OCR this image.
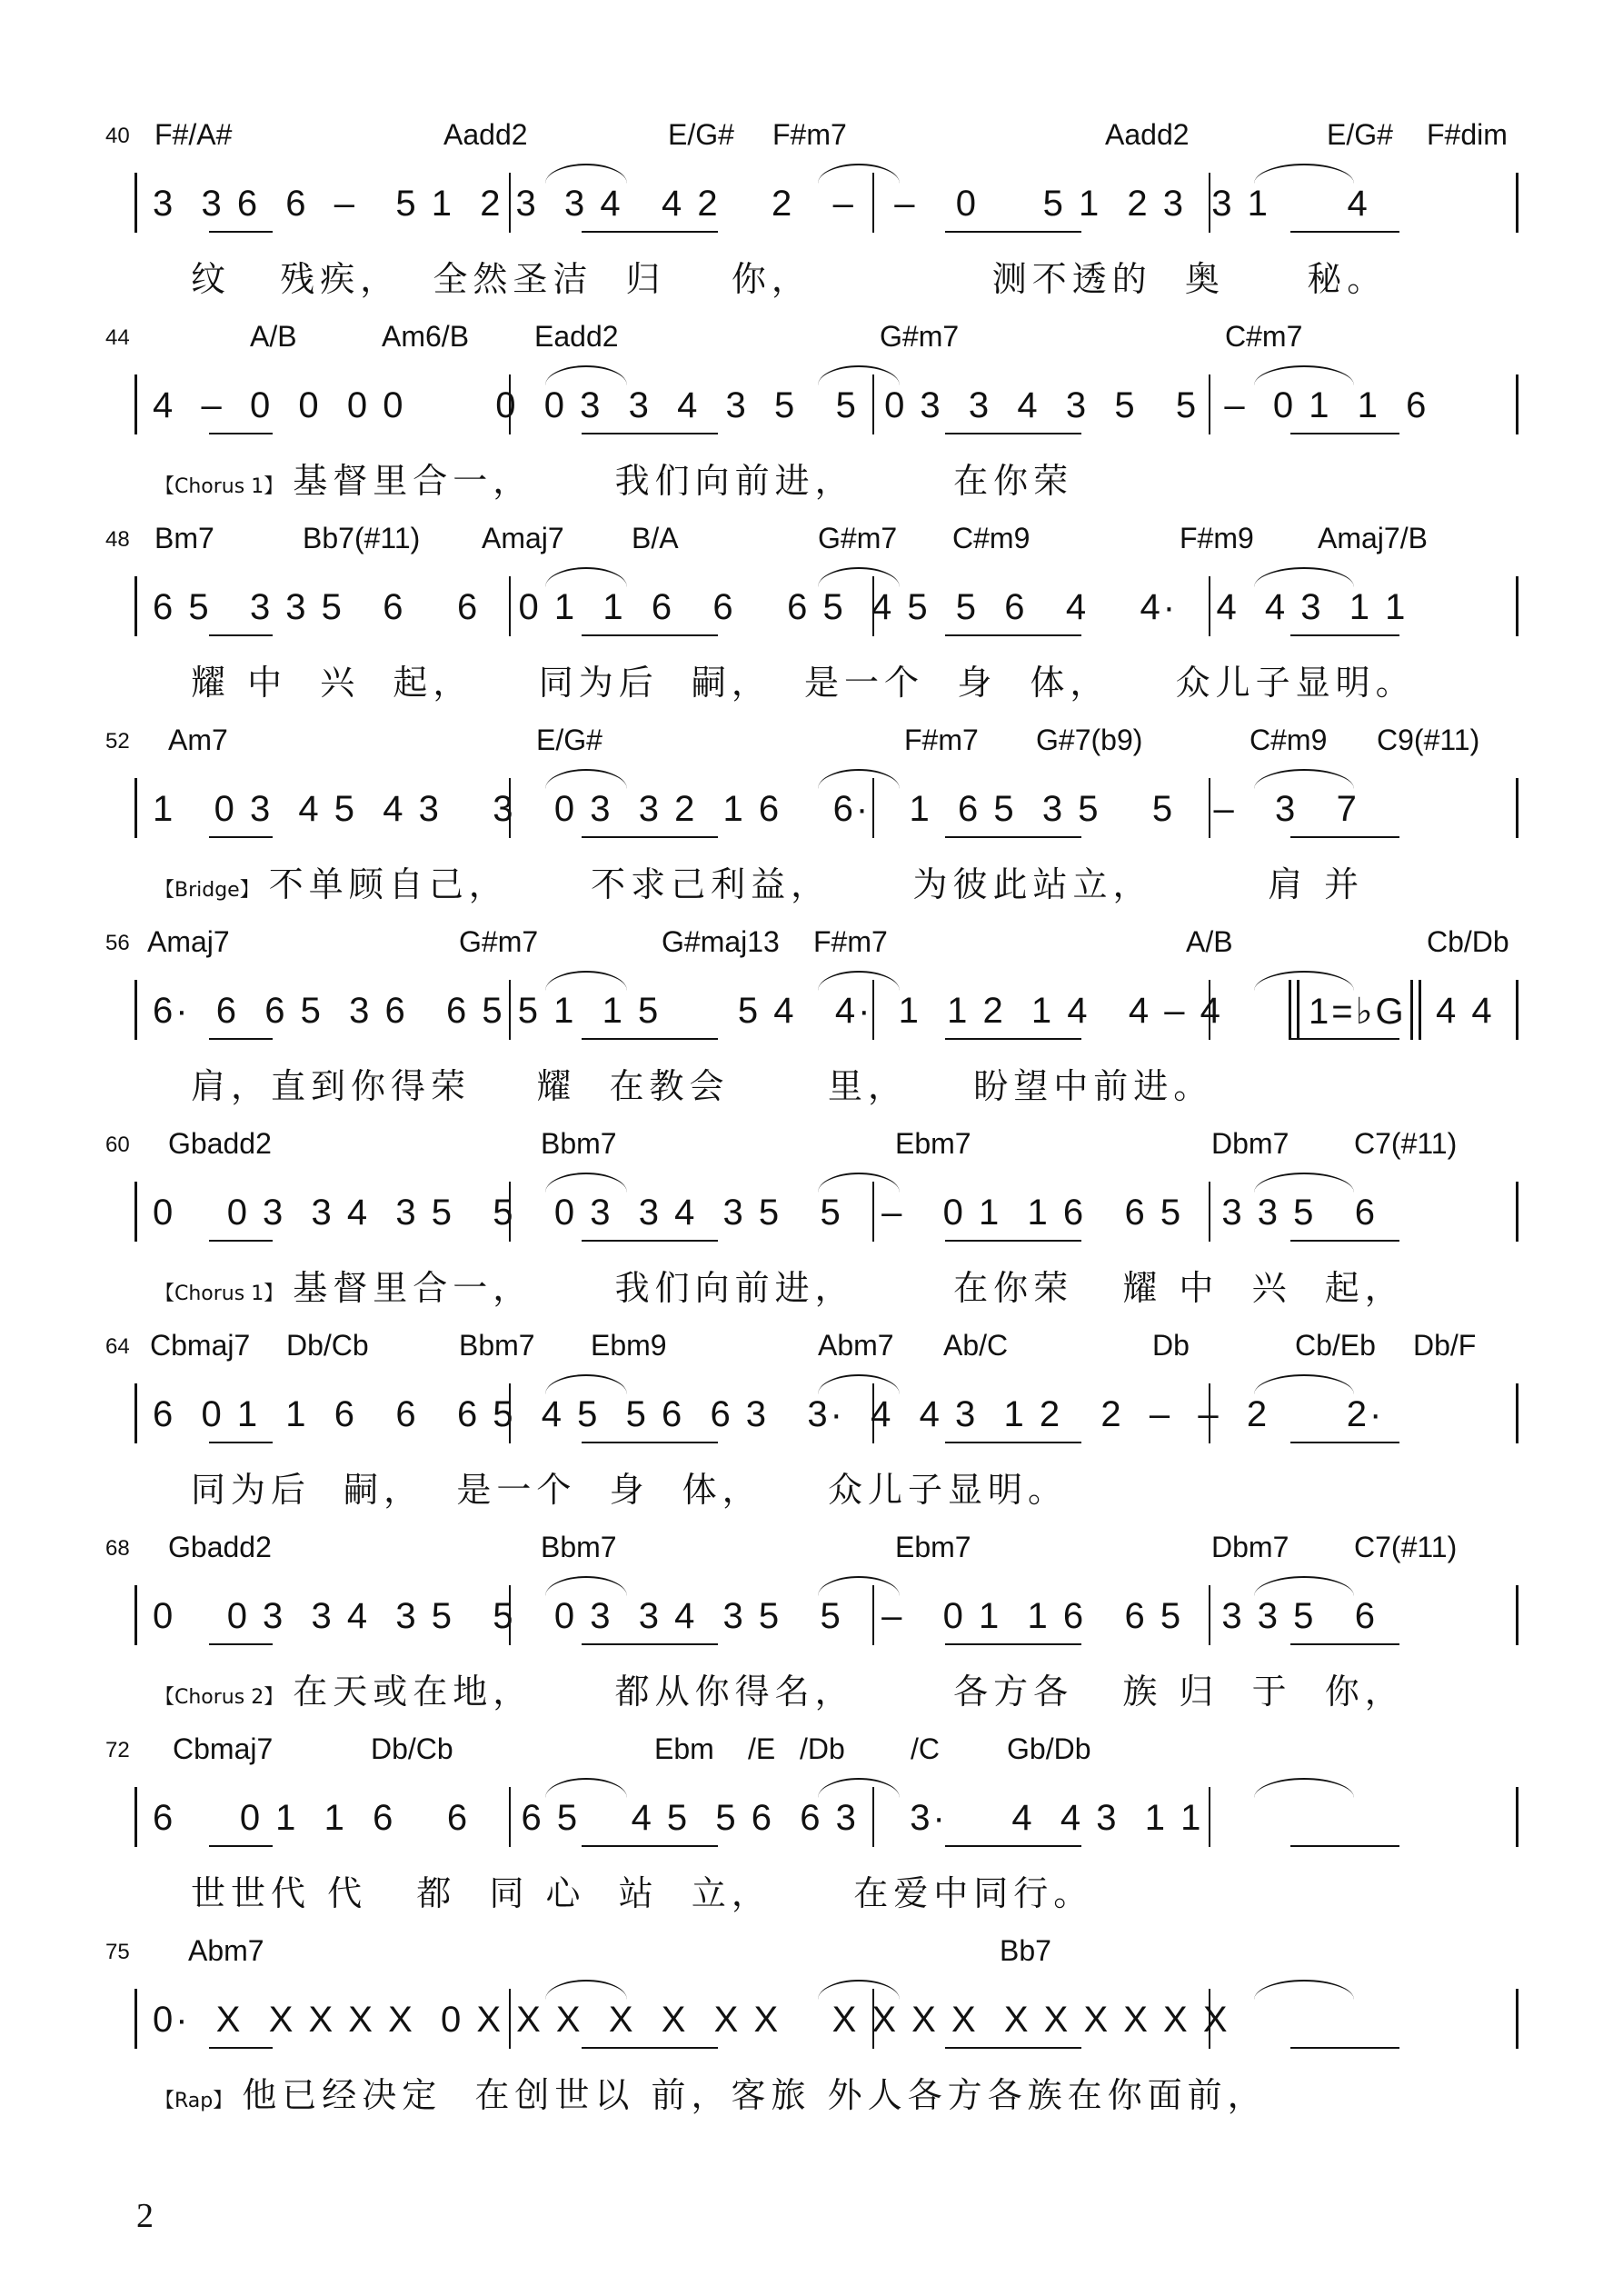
40 F#/A#	Aadd2	E/G# F#m7	Aadd2	E/G# F#dim
3  3 6  6  –   5 1  2 3  3 4   4 2    2   –   –   0     5 1  2 3  3 1      4
纹   残疾，  全然圣洁  归    你，           测不透的  奥     秘。
44	A/B	Am6/B Eadd2	G#m7	C#m7
4  –  0  0  0 0       0  0 3  3  4  3  5   5  0 3  3  4  3  5   5  –  0 1  1  6
【Chorus 1】 基督里合一，     我们向前进，      在你荣
48 Bm7	Bb7(#11) Amaj7 B/A	G#m7 C#m9	F#m9 Amaj7/B
6 5   3 3 5   6    6   0 1  1  6   6    6 5  4 5  5  6   4    4·   4  4 3  1 1
耀 中  兴  起，    同为后  嗣，  是一个  身  体，    众儿子显明。
52 Am7	E/G#	F#m7 G#7(b9)	C#m9 C9(#11)
1   0 3  4 5  4 3    3   0 3  3 2  1 6    6·   1  6 5  3 5    5   –   3   7
【Bridge】 不单顾自己，     不求己利益，     为彼此站立，       肩 并
56 Amaj7	G#m7	G#maj13 F#m7	A/B	Cb/Db
6·  6  6 5  3 6   6 5 5 1  1 5      5 4   4·  1  1 2  1 4   4 – 4 1=♭G 4 4
肩，直到你得荣    耀  在教会      里，    盼望中前进。
60 Gbadd2	Bbm7	Ebm7	Dbm7 C7(#11)
0    0 3  3 4  3 5   5   0 3  3 4  3 5   5   –   0 1  1 6   6 5   3 3 5   6
【Chorus 1】 基督里合一，     我们向前进，      在你荣   耀 中  兴  起，
64 Cbmaj7 Db/Cb	Bbm7 Ebm9	Abm7 Ab/C	Db	Cb/Eb Db/F
6  0 1  1  6   6   6 5  4 5  5 6  6 3   3·  4  4 3  1 2   2  –  –  2      2·
同为后  嗣，  是一个  身  体，    众儿子显明。
68 Gbadd2	Bbm7	Ebm7	Dbm7 C7(#11)
0    0 3  3 4  3 5   5   0 3  3 4  3 5   5   –   0 1  1 6   6 5   3 3 5   6
【Chorus 2】 在天或在地，     都从你得名，      各方各   族 归  于  你，
72 Cbmaj7	Db/Cb	Ebm /E /Db /C Gb/Db
6     0 1  1  6    6    6 5    4 5  5 6  6 3    3·     4  4 3  1 1
世世代 代   都  同 心  站  立，     在爱中同行。
75 Abm7	Bb7
0·  X  X X X X  0 X X X  X  X  X X    X X X X  X X X X X X
【Rap】 他已经决定  在创世以 前，客旅 外人各方各族在你面前，
2
